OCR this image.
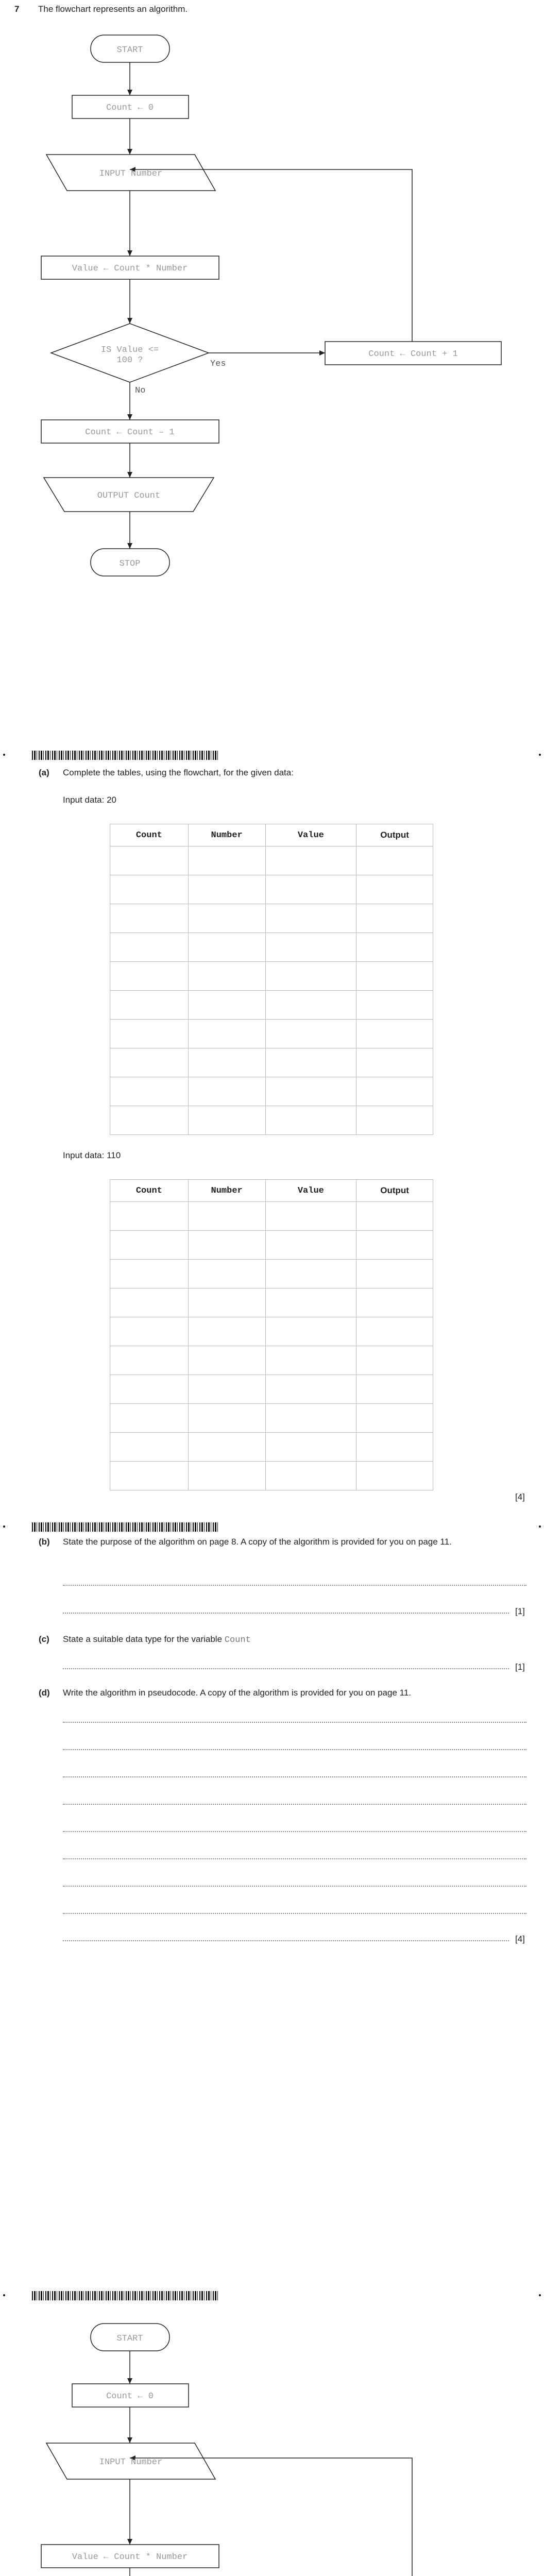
7 The flowchart represents an algorithm.
START
Count ← 0
INPUT Number
Value ← Count * Number
IS Value <=
100 ?	Yes
No
Count ← Count + 1
Count ← Count – 1
OUTPUT Count
STOP
(a) Complete the tables, using the flowchart, for the given data:
Input data: 20
Count	Number	Value	Output

Input data: 110
Count	Number	Value	Output

[4]
(b) State the purpose of the algorithm on page 8. A copy of the algorithm is provided for you on page 11.
[1]
(c) State a suitable data type for the variable Count
[1]
(d) Write the algorithm in pseudocode. A copy of the algorithm is provided for you on page 11.
[4]
START
Count ← 0
INPUT Number
Value ← Count * Number
